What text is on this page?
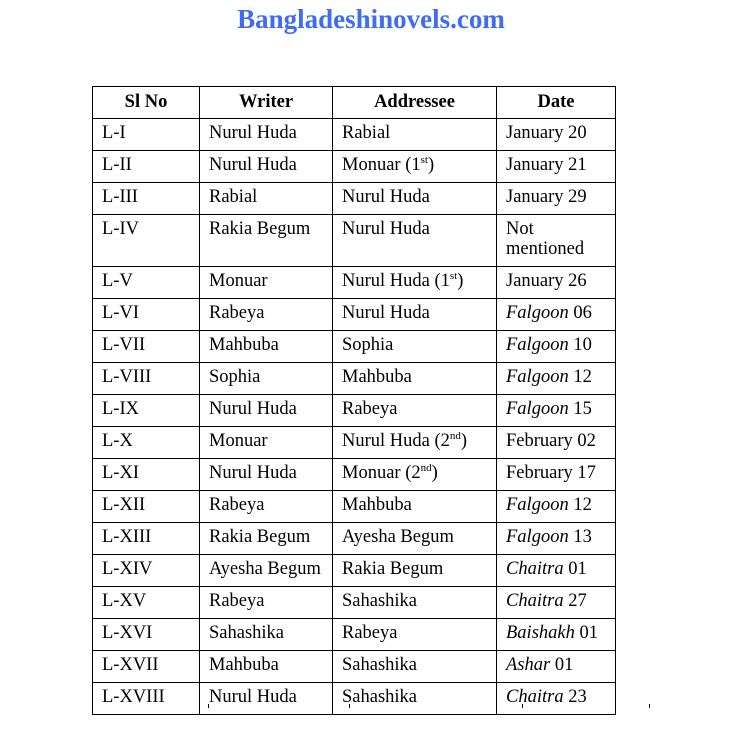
Bangladeshinovels.com
Sl No	Writer	Addressee	Date
L-I	Nurul Huda	Rabial	January 20
L-II	Nurul Huda	Monuar (1st)	January 21
L-III	Rabial	Nurul Huda	January 29
L-IV	Rakia Begum	Nurul Huda	Not mentioned
L-V	Monuar	Nurul Huda (1st)	January 26
L-VI	Rabeya	Nurul Huda	Falgoon 06
L-VII	Mahbuba	Sophia	Falgoon 10
L-VIII	Sophia	Mahbuba	Falgoon 12
L-IX	Nurul Huda	Rabeya	Falgoon 15
L-X	Monuar	Nurul Huda (2nd)	February 02
L-XI	Nurul Huda	Monuar (2nd)	February 17
L-XII	Rabeya	Mahbuba	Falgoon 12
L-XIII	Rakia Begum	Ayesha Begum	Falgoon 13
L-XIV	Ayesha Begum	Rakia Begum	Chaitra 01
L-XV	Rabeya	Sahashika	Chaitra 27
L-XVI	Sahashika	Rabeya	Baishakh 01
L-XVII	Mahbuba	Sahashika	Ashar 01
L-XVIII	Nurul Huda	Sahashika	Chaitra 23
